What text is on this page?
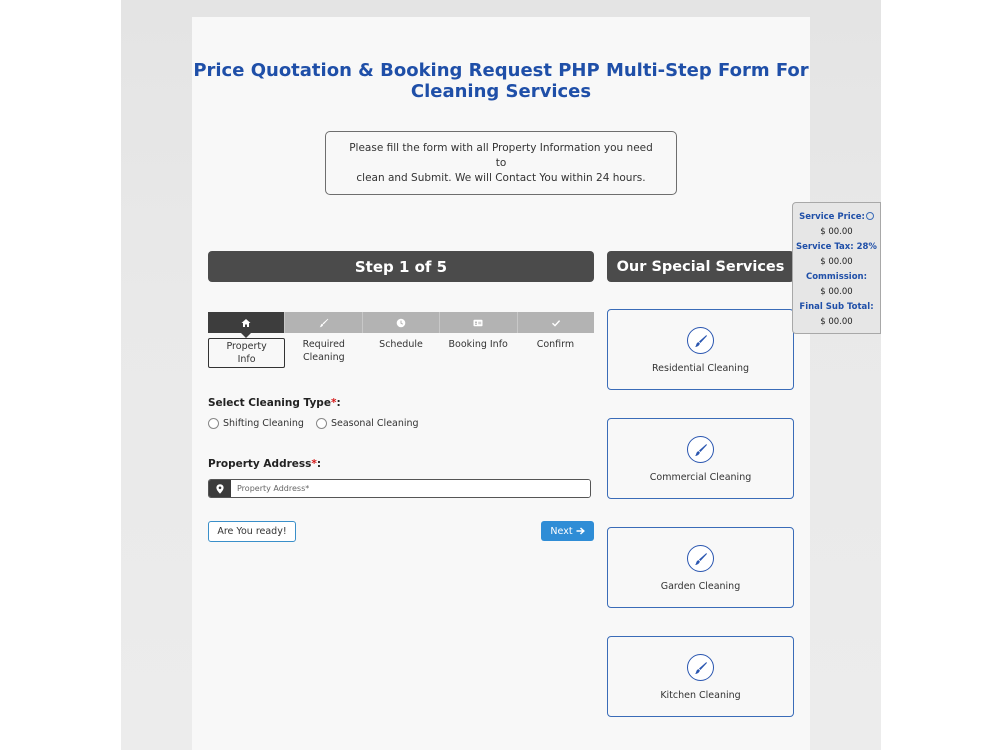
Price Quotation & Booking Request PHP Multi-Step Form For
Cleaning Services
Please fill the form with all Property Information you need to
clean and Submit. We will Contact You within 24 hours.
Step 1 of 5	Our Special Services
Property Info
Required
Cleaning
Schedule	Booking Info	Confirm
Select Cleaning Type*:
Shifting Cleaning	Seasonal Cleaning
Property Address*:
Property Address*
Are You ready!	Next
Residential Cleaning
Commercial Cleaning
Garden Cleaning
Kitchen Cleaning
Service Price:
$ 00.00
Service Tax: 28%
$ 00.00
Commission:
$ 00.00
Final Sub Total:
$ 00.00
